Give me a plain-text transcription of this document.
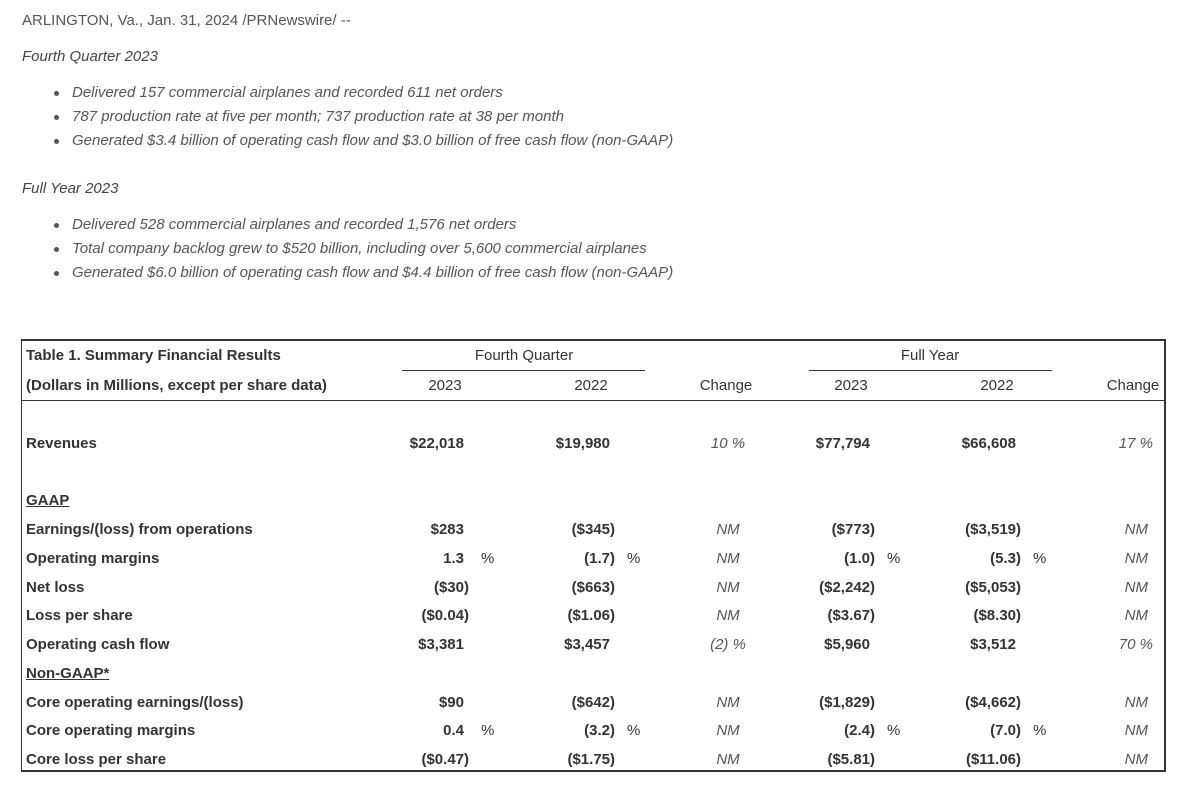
ARLINGTON, Va., Jan. 31, 2024 /PRNewswire/ --
Fourth Quarter 2023
Delivered 157 commercial airplanes and recorded 611 net orders
787 production rate at five per month; 737 production rate at 38 per month
Generated $3.4 billion of operating cash flow and $3.0 billion of free cash flow (non-GAAP)
Full Year 2023
Delivered 528 commercial airplanes and recorded 1,576 net orders
Total company backlog grew to $520 billion, including over 5,600 commercial airplanes
Generated $6.0 billion of operating cash flow and $4.4 billion of free cash flow (non-GAAP)
Table 1. Summary Financial Results
(Dollars in Millions, except per share data)
Fourth Quarter	Full Year
2023	2022	Change	2023	2022	Change
Revenues	$22,018	$19,980	10 %	$77,794	$66,608	17 %
GAAP
Earnings/(loss) from operations	$283	($345)	NM	($773)	($3,519)	NM
Operating margins	1.3 %	(1.7) %	NM	(1.0) %	(5.3) %	NM
Net loss	($30)	($663)	NM	($2,242)	($5,053)	NM
Loss per share	($0.04)	($1.06)	NM	($3.67)	($8.30)	NM
Operating cash flow	$3,381	$3,457	(2) %	$5,960	$3,512	70 %
Non-GAAP*
Core operating earnings/(loss)	$90	($642)	NM	($1,829)	($4,662)	NM
Core operating margins	0.4 %	(3.2) %	NM	(2.4) %	(7.0) %	NM
Core loss per share	($0.47)	($1.75)	NM	($5.81)	($11.06)	NM
